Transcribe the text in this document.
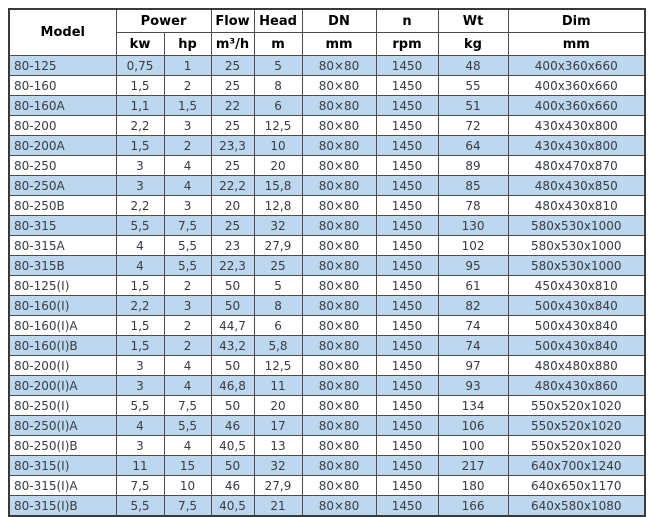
Model	Power		Flow	Head	DN	n	Wt	Dim
	kw	hp	m³/h	m	mm	rpm	kg	mm
80-125	0,75	1	25	5	80×80	1450	48	400x360x660
80-160	1,5	2	25	8	80×80	1450	55	400x360x660
80-160A	1,1	1,5	22	6	80×80	1450	51	400x360x660
80-200	2,2	3	25	12,5	80×80	1450	72	430x430x800
80-200A	1,5	2	23,3	10	80×80	1450	64	430x430x800
80-250	3	4	25	20	80×80	1450	89	480x470x870
80-250A	3	4	22,2	15,8	80×80	1450	85	480x430x850
80-250B	2,2	3	20	12,8	80×80	1450	78	480x430x810
80-315	5,5	7,5	25	32	80×80	1450	130	580x530x1000
80-315A	4	5,5	23	27,9	80×80	1450	102	580x530x1000
80-315B	4	5,5	22,3	25	80×80	1450	95	580x530x1000
80-125(I)	1,5	2	50	5	80×80	1450	61	450x430x810
80-160(I)	2,2	3	50	8	80×80	1450	82	500x430x840
80-160(I)A	1,5	2	44,7	6	80×80	1450	74	500x430x840
80-160(I)B	1,5	2	43,2	5,8	80×80	1450	74	500x430x840
80-200(I)	3	4	50	12,5	80×80	1450	97	480x480x880
80-200(I)A	3	4	46,8	11	80×80	1450	93	480x430x860
80-250(I)	5,5	7,5	50	20	80×80	1450	134	550x520x1020
80-250(I)A	4	5,5	46	17	80×80	1450	106	550x520x1020
80-250(I)B	3	4	40,5	13	80×80	1450	100	550x520x1020
80-315(I)	11	15	50	32	80×80	1450	217	640x700x1240
80-315(I)A	7,5	10	46	27,9	80×80	1450	180	640x650x1170
80-315(I)B	5,5	7,5	40,5	21	80×80	1450	166	640x580x1080
